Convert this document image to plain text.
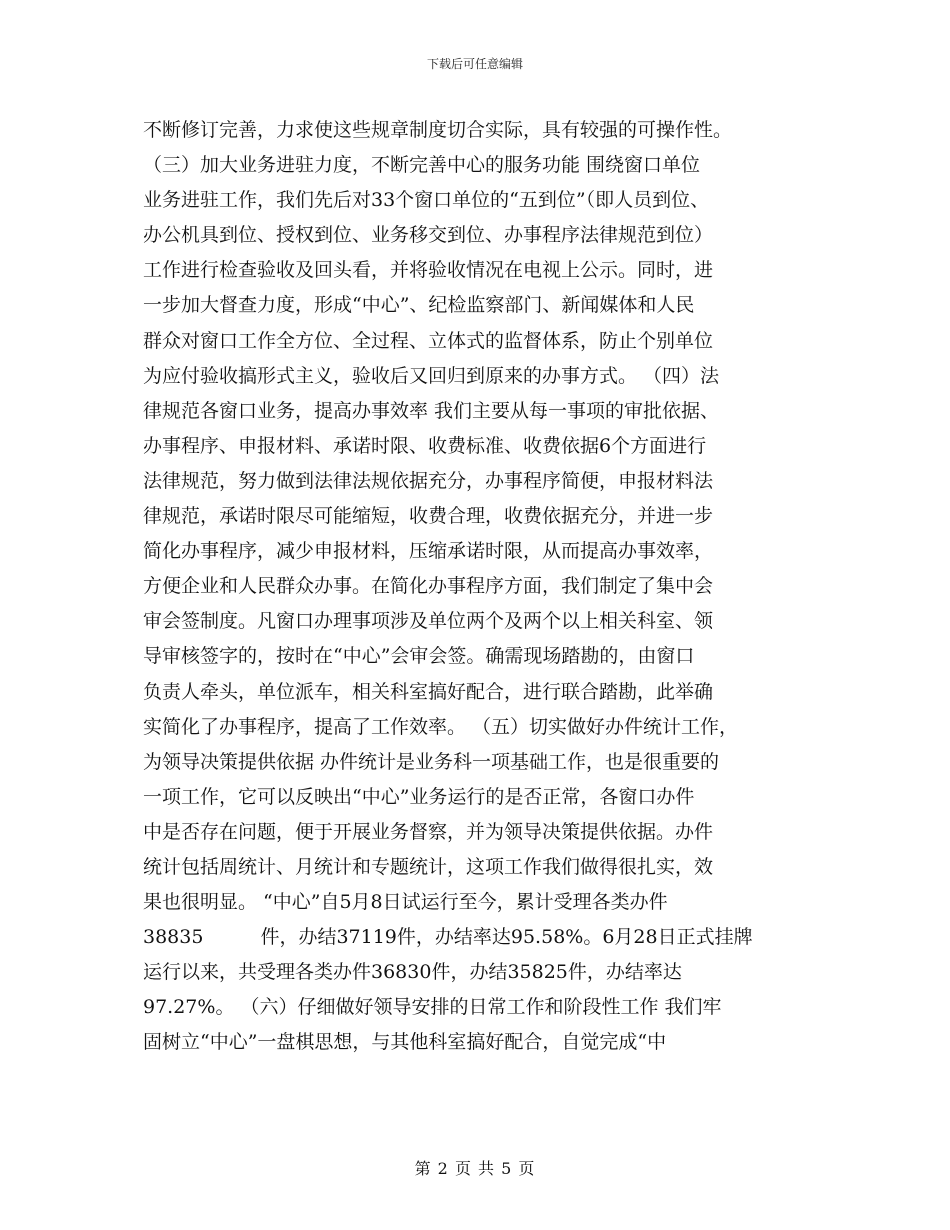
下载后可任意编辑
不断修订完善，力求使这些规章制度切合实际，具有较强的可操作性。
（三）加大业务进驻力度，不断完善中心的服务功能 围绕窗口单位
业务进驻工作，我们先后对33个窗口单位的“五到位”（即人员到位、
办公机具到位、授权到位、业务移交到位、办事程序法律规范到位）
工作进行检查验收及回头看，并将验收情况在电视上公示。同时，进
一步加大督查力度，形成“中心”、纪检监察部门、新闻媒体和人民
群众对窗口工作全方位、全过程、立体式的监督体系，防止个别单位
为应付验收搞形式主义，验收后又回归到原来的办事方式。 （四）法
律规范各窗口业务，提高办事效率 我们主要从每一事项的审批依据、
办事程序、申报材料、承诺时限、收费标准、收费依据6个方面进行
法律规范，努力做到法律法规依据充分，办事程序简便，申报材料法
律规范，承诺时限尽可能缩短，收费合理，收费依据充分，并进一步
简化办事程序，减少申报材料，压缩承诺时限，从而提高办事效率，
方便企业和人民群众办事。在简化办事程序方面，我们制定了集中会
审会签制度。凡窗口办理事项涉及单位两个及两个以上相关科室、领
导审核签字的，按时在“中心”会审会签。确需现场踏勘的，由窗口
负责人牵头，单位派车，相关科室搞好配合，进行联合踏勘，此举确
实简化了办事程序，提高了工作效率。 （五）切实做好办件统计工作，
为领导决策提供依据 办件统计是业务科一项基础工作，也是很重要的
一项工作，它可以反映出“中心”业务运行的是否正常，各窗口办件
中是否存在问题，便于开展业务督察，并为领导决策提供依据。办件
统计包括周统计、月统计和专题统计，这项工作我们做得很扎实，效
果也很明显。 “中心”自5月8日试运行至今，累计受理各类办件
38835　　　件，办结37119件，办结率达95.58%。6月28日正式挂牌
运行以来，共受理各类办件36830件，办结35825件，办结率达
97.27%。 （六）仔细做好领导安排的日常工作和阶段性工作 我们牢
固树立“中心”一盘棋思想，与其他科室搞好配合，自觉完成“中
第 2 页 共 5 页
